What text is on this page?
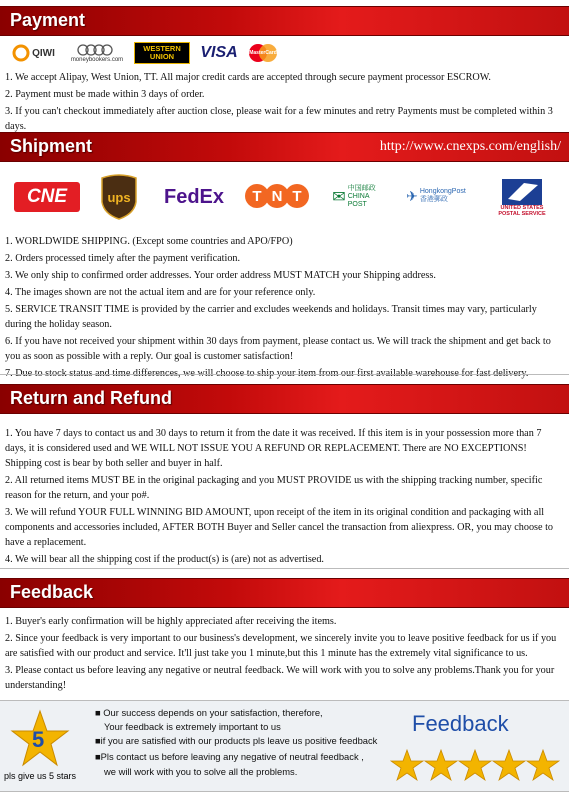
Payment
QIWI
moneybookers.com
WESTERN UNION	VISA MasterCard
1. We accept Alipay, West Union, TT. All major credit cards are accepted through secure payment processor ESCROW.
2. Payment must be made within 3 days of order.
3. If you can't checkout immediately after auction close, please wait for a few minutes and retry Payments must be completed within 3 days.
Shipment	http://www.cnexps.com/english/
CNE	ups FedEx TNT ✉
中国邮政 CHINA POST
✈ HongkongPost 香港郵政
UNITED STATES POSTAL SERVICE
1. WORLDWIDE SHIPPING. (Except some countries and APO/FPO)
2. Orders processed timely after the payment verification.
3. We only ship to confirmed order addresses. Your order address MUST MATCH your Shipping address.
4. The images shown are not the actual item and are for your reference only.
5. SERVICE TRANSIT TIME is provided by the carrier and excludes weekends and holidays. Transit times may vary, particularly during the holiday season.
6. If you have not received your shipment within 30 days from payment, please contact us. We will track the shipment and get back to you as soon as possible with a reply. Our goal is customer satisfaction!
Return and Refund
1. You have 7 days to contact us and 30 days to return it from the date it was received. If this item is in your possession more than 7 days, it is considered used and WE WILL NOT ISSUE YOU A REFUND OR REPLACEMENT. There are NO EXCEPTIONS! Shipping cost is bear by both seller and buyer in half.
2. All returned items MUST BE in the original packaging and you MUST PROVIDE us with the shipping tracking number, specific reason for the return, and your po#.
3. We will refund YOUR FULL WINNING BID AMOUNT, upon receipt of the item in its original condition and packaging with all components and accessories included, AFTER BOTH Buyer and Seller cancel the transaction from aliexpress. OR, you may choose to have a replacement.
4. We will bear all the shipping cost if the product(s) is (are) not as advertised.
Feedback
1. Buyer's early confirmation will be highly appreciated after receiving the items.
2. Since your feedback is very important to our business's development, we sincerely invite you to leave positive feedback for us if you are satisfied with our product and service. It'll just take you 1 minute,but this 1 minute has the extremely vital significance to us.
3. Please contact us before leaving any negative or neutral feedback. We will work with you to solve any problems.Thank you for your understanding!
5
pls give us 5 stars
■ Our success depends on your satisfaction, therefore,
Your feedback is extremely important to us
■if you are satisfied with our products pls leave us positive feedback
■Pls contact us before leaving any negative of neutral feedback ,
we will work with you to solve all the problems.
Feedback
